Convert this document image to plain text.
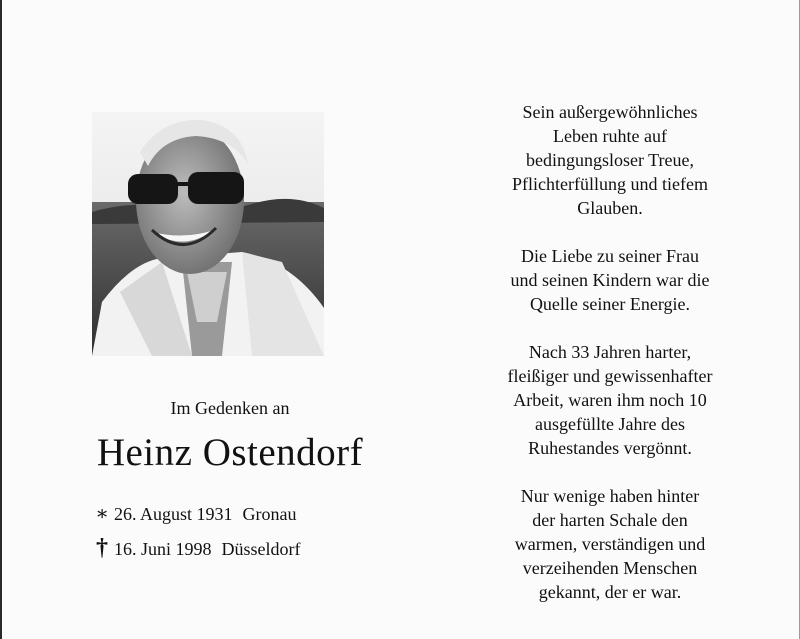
Im Gedenken an
Heinz Ostendorf
∗ 26. August 1931 Gronau
† 16. Juni 1998 Düsseldorf
Sein außergewöhnliches
Leben ruhte auf
bedingungsloser Treue,
Pflichterfüllung und tiefem
Glauben.
Die Liebe zu seiner Frau
und seinen Kindern war die
Quelle seiner Energie.
Nach 33 Jahren harter,
fleißiger und gewissenhafter
Arbeit, waren ihm noch 10
ausgefüllte Jahre des
Ruhestandes vergönnt.
Nur wenige haben hinter
der harten Schale den
warmen, verständigen und
verzeihenden Menschen
gekannt, der er war.
